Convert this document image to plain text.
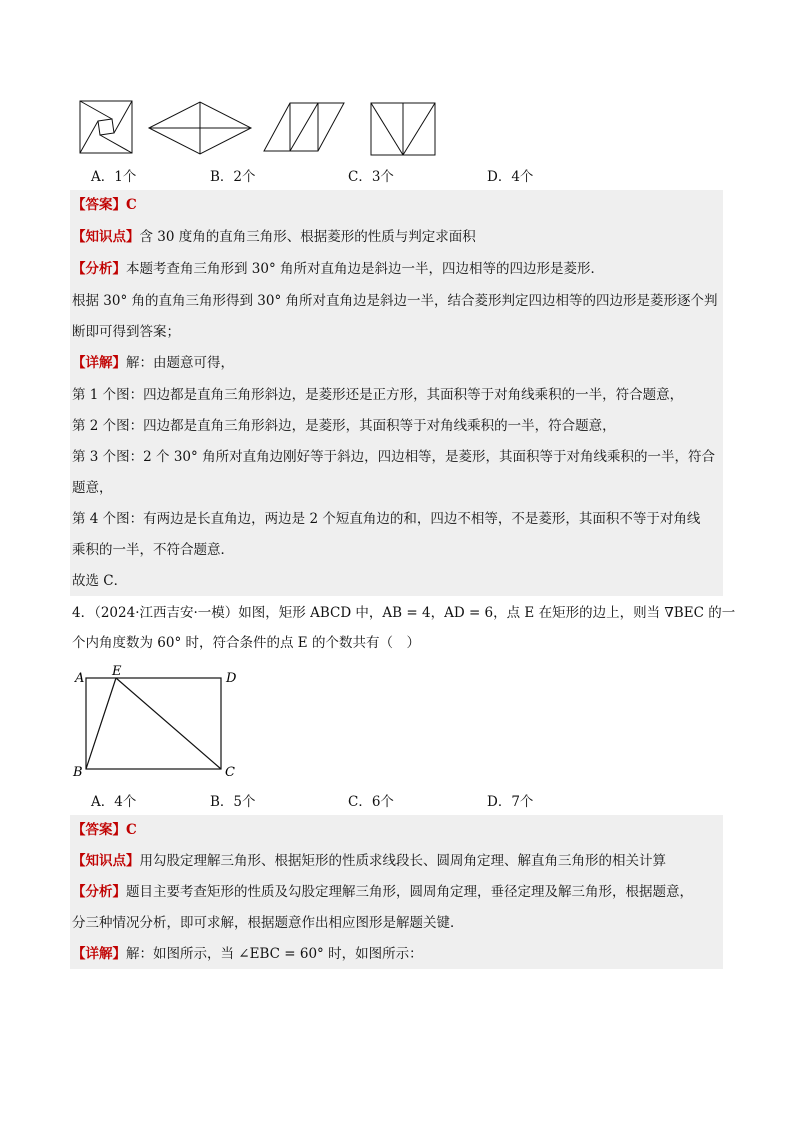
A．1个	B．2个	C．3个	D．4个
【答案】C
【知识点】含 30 度角的直角三角形、根据菱形的性质与判定求面积
【分析】本题考查角三角形到 30° 角所对直角边是斜边一半，四边相等的四边形是菱形．
根据 30° 角的直角三角形得到 30° 角所对直角边是斜边一半，结合菱形判定四边相等的四边形是菱形逐个判
断即可得到答案；
【详解】解：由题意可得，
第 1 个图：四边都是直角三角形斜边，是菱形还是正方形，其面积等于对角线乘积的一半，符合题意，
第 2 个图：四边都是直角三角形斜边，是菱形，其面积等于对角线乘积的一半，符合题意，
第 3 个图：2 个 30° 角所对直角边刚好等于斜边，四边相等，是菱形，其面积等于对角线乘积的一半，符合
题意，
第 4 个图：有两边是长直角边，两边是 2 个短直角边的和，四边不相等，不是菱形，其面积不等于对角线
乘积的一半，不符合题意．
故选 C．
4．（2024·江西吉安·一模）如图，矩形 ABCD 中，AB = 4，AD = 6，点 E 在矩形的边上，则当 ∇BEC 的一
个内角度数为 60° 时，符合条件的点 E 的个数共有（　）
A E	D
B	C
A．4个	B．5个	C．6个	D．7个
【答案】C
【知识点】用勾股定理解三角形、根据矩形的性质求线段长、圆周角定理、解直角三角形的相关计算
【分析】题目主要考查矩形的性质及勾股定理解三角形，圆周角定理，垂径定理及解三角形，根据题意，
分三种情况分析，即可求解，根据题意作出相应图形是解题关键．
【详解】解：如图所示，当 ∠EBC = 60° 时，如图所示：
